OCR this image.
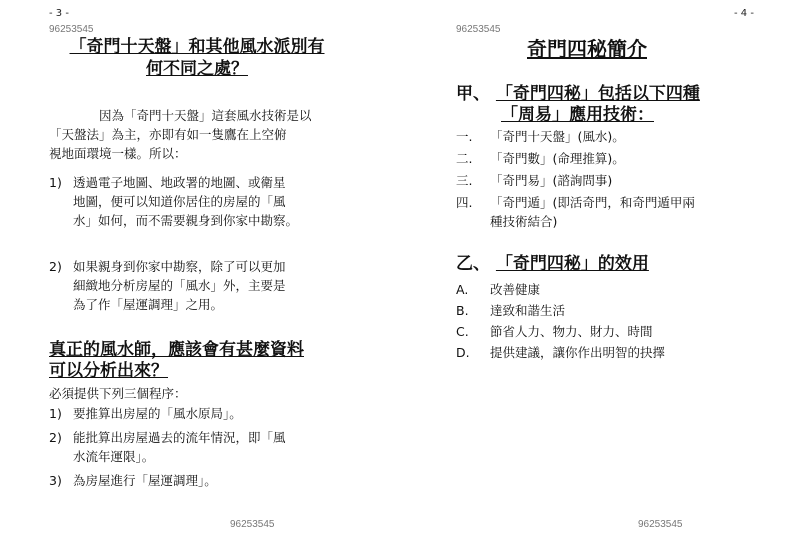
- 3 -
96253545
「奇門十天盤」和其他風水派別有
何不同之處？
因為「奇門十天盤」這套風水技術是以
「天盤法」為主，亦即有如一隻鷹在上空俯
視地面環境一樣。所以：
1) 透過電子地圖、地政署的地圖、或衛星
地圖，便可以知道你居住的房屋的「風
水」如何，而不需要親身到你家中勘察。
2) 如果親身到你家中勘察，除了可以更加
細緻地分析房屋的「風水」外，主要是
為了作「屋運調理」之用。
真正的風水師，應該會有甚麼資料
可以分析出來？
必須提供下列三個程序：
1) 要推算出房屋的「風水原局」。
2) 能批算出房屋過去的流年情況，即「風
水流年運限」。
3) 為房屋進行「屋運調理」。
96253545
- 4 -
96253545
奇門四秘簡介
甲、 「奇門四秘」包括以下四種
「周易」應用技術：
一. 「奇門十天盤」(風水)。
二. 「奇門數」(命理推算)。
三. 「奇門易」(諮詢問事)
四. 「奇門遁」(即活奇門，和奇門遁甲兩
種技術結合)
乙、 「奇門四秘」的效用
A. 改善健康
B. 達致和諧生活
C. 節省人力、物力、財力、時間
D. 提供建議，讓你作出明智的抉擇
96253545
